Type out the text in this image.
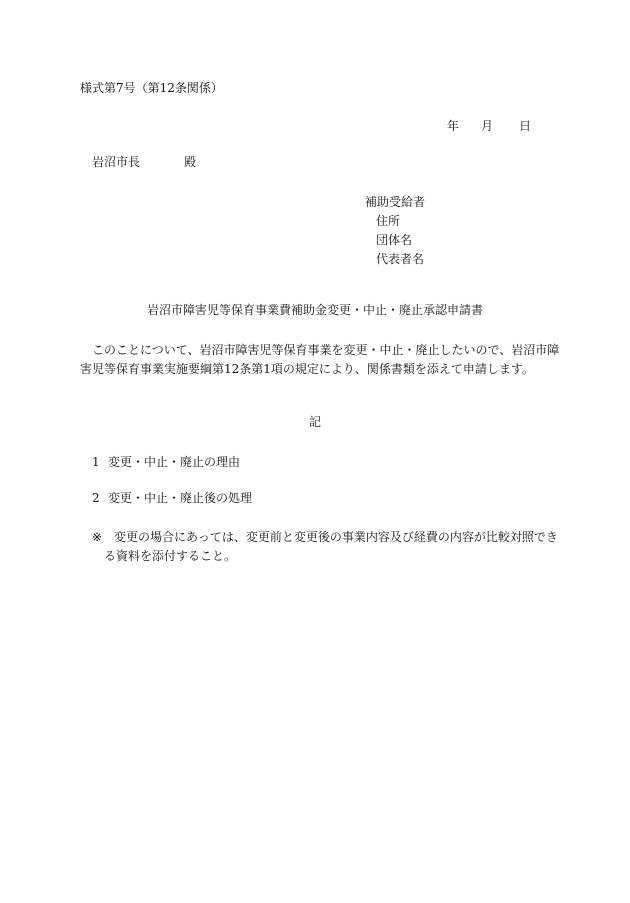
様式第7号（第12条関係）
年 月 日
岩沼市長	殿
補助受給者
住所
団体名
代表者名
岩沼市障害児等保育事業費補助金変更・中止・廃止承認申請書
このことについて、岩沼市障害児等保育事業を変更・中止・廃止したいので、岩沼市障害児等保育事業実施要綱第12条第1項の規定により、関係書類を添えて申請します。
記
1 変更・中止・廃止の理由
2 変更・中止・廃止後の処理
※ 変更の場合にあっては、変更前と変更後の事業内容及び経費の内容が比較対照でき
る資料を添付すること。
